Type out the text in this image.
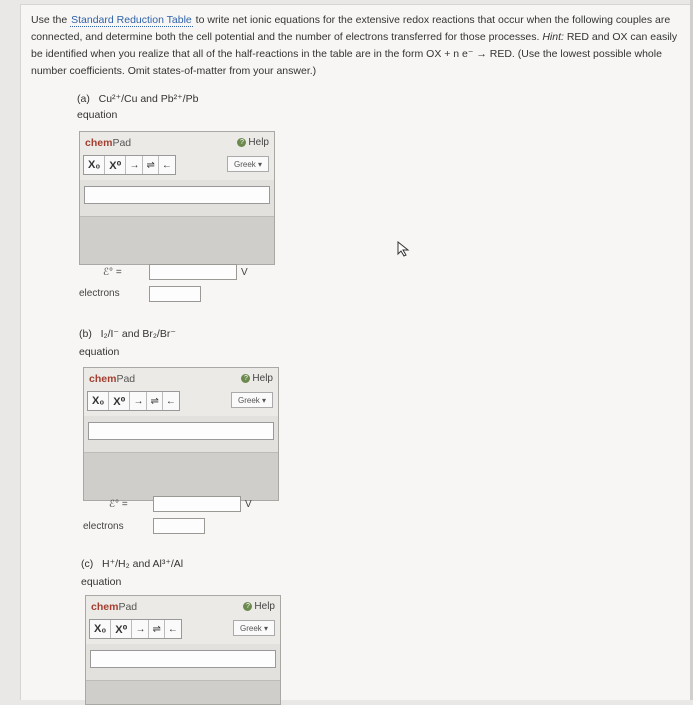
Use the Standard Reduction Table to write net ionic equations for the extensive redox reactions that occur when the following couples are connected, and determine both the cell potential and the number of electrons transferred for those processes. Hint: RED and OX can easily be identified when you realize that all of the half-reactions in the table are in the form OX + n e⁻ → RED. (Use the lowest possible whole number coefficients. Omit states-of-matter from your answer.)
(a) Cu²⁺/Cu and Pb²⁺/Pb
equation
chemPad	? Help
X₀ X⁰ → ⇌ ←	Greek ▾
ℰ° =	V
electrons
(b) I₂/I⁻ and Br₂/Br⁻
equation
chemPad	? Help
X₀ X⁰ → ⇌ ←	Greek ▾
ℰ° =	V
electrons
(c) H⁺/H₂ and Al³⁺/Al
equation
chemPad	? Help
X₀ X⁰ → ⇌ ←	Greek ▾
